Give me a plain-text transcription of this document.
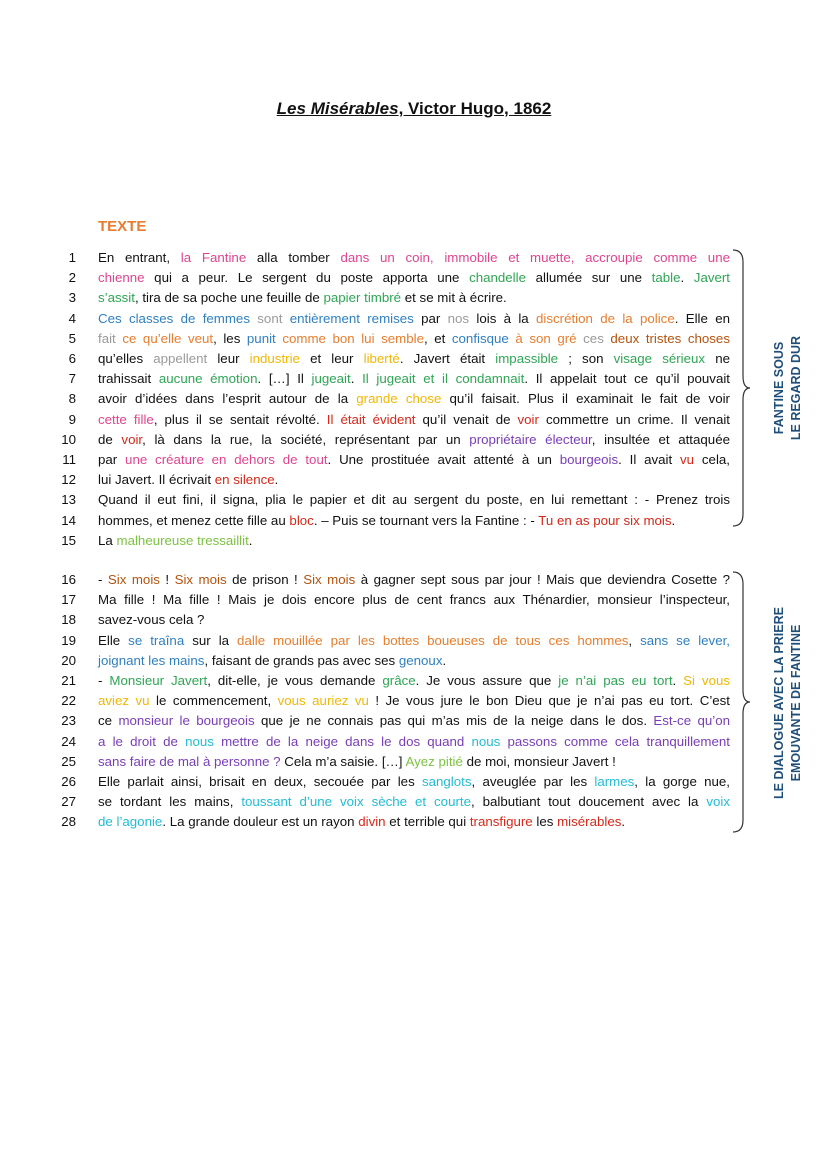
Les Misérables, Victor Hugo, 1862
TEXTE
1 En entrant, la Fantine alla tomber dans un coin, immobile et muette, accroupie comme une
2 chienne qui a peur. Le sergent du poste apporta une chandelle allumée sur une table. Javert
3 s’assit, tira de sa poche une feuille de papier timbré et se mit à écrire.
4 Ces classes de femmes sont entièrement remises par nos lois à la discrétion de la police. Elle en
5 fait ce qu’elle veut, les punit comme bon lui semble, et confisque à son gré ces deux tristes choses
6 qu’elles appellent leur industrie et leur liberté. Javert était impassible ; son visage sérieux ne
7 trahissait aucune émotion. […] Il jugeait. Il jugeait et il condamnait. Il appelait tout ce qu’il pouvait
8 avoir d’idées dans l’esprit autour de la grande chose qu’il faisait. Plus il examinait le fait de voir
9 cette fille, plus il se sentait révolté. Il était évident qu’il venait de voir commettre un crime. Il venait
10 de voir, là dans la rue, la société, représentant par un propriétaire électeur, insultée et attaquée
11 par une créature en dehors de tout. Une prostituée avait attenté à un bourgeois. Il avait vu cela,
12 lui Javert. Il écrivait en silence.
13 Quand il eut fini, il signa, plia le papier et dit au sergent du poste, en lui remettant : - Prenez trois
14 hommes, et menez cette fille au bloc. – Puis se tournant vers la Fantine : - Tu en as pour six mois.
15 La malheureuse tressaillit.
16 - Six mois ! Six mois de prison ! Six mois à gagner sept sous par jour ! Mais que deviendra Cosette ?
17 Ma fille ! Ma fille ! Mais je dois encore plus de cent francs aux Thénardier, monsieur l’inspecteur,
18 savez-vous cela ?
19 Elle se traîna sur la dalle mouillée par les bottes boueuses de tous ces hommes, sans se lever,
20 joignant les mains, faisant de grands pas avec ses genoux.
21 - Monsieur Javert, dit-elle, je vous demande grâce. Je vous assure que je n’ai pas eu tort. Si vous
22 aviez vu le commencement, vous auriez vu ! Je vous jure le bon Dieu que je n’ai pas eu tort. C’est
23 ce monsieur le bourgeois que je ne connais pas qui m’as mis de la neige dans le dos. Est-ce qu’on
24 a le droit de nous mettre de la neige dans le dos quand nous passons comme cela tranquillement
25 sans faire de mal à personne ? Cela m’a saisie. […] Ayez pitié de moi, monsieur Javert !
26 Elle parlait ainsi, brisait en deux, secouée par les sanglots, aveuglée par les larmes, la gorge nue,
27 se tordant les mains, toussant d’une voix sèche et courte, balbutiant tout doucement avec la voix
28 de l’agonie. La grande douleur est un rayon divin et terrible qui transfigure les misérables.
FANTINE SOUS LE REGARD DUR
LE DIALOGUE AVEC LA PRIERE EMOUVANTE DE FANTINE
